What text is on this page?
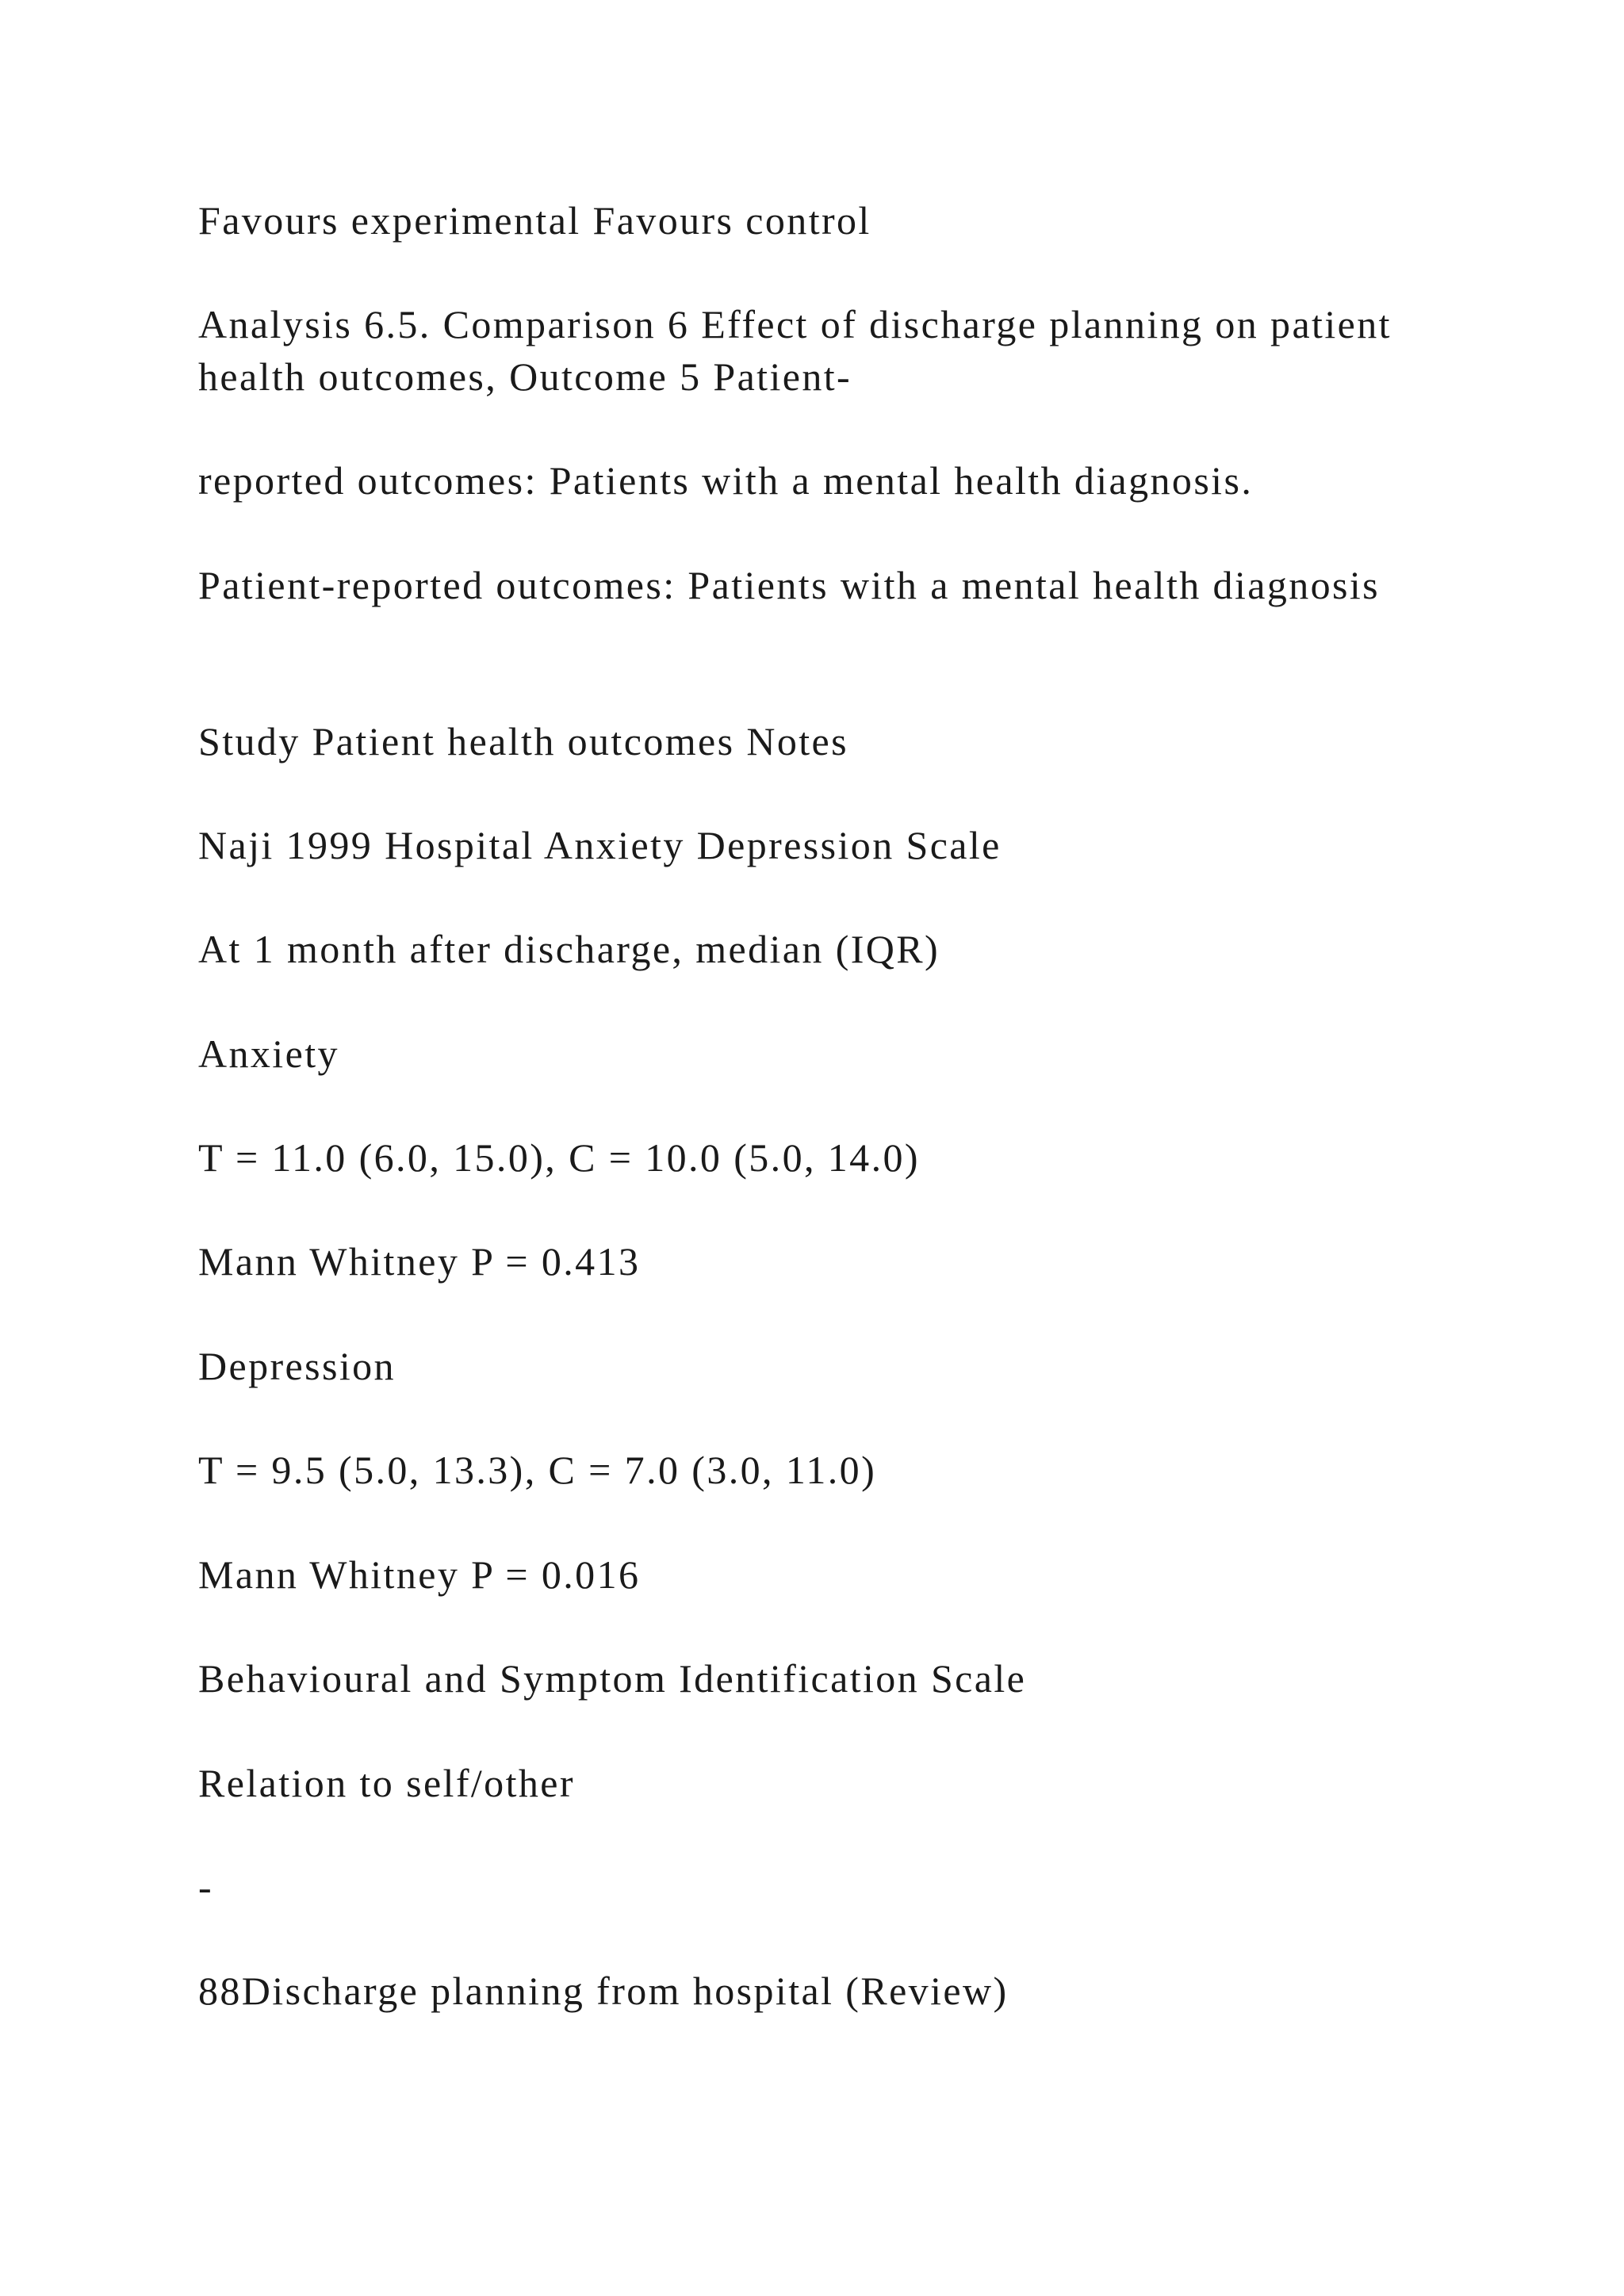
Favours experimental Favours control

Analysis 6.5. Comparison 6 Effect of discharge planning on patient health outcomes, Outcome 5 Patient-

reported outcomes: Patients with a mental health diagnosis.

Patient-reported outcomes: Patients with a mental health diagnosis

Study Patient health outcomes Notes

Naji 1999 Hospital Anxiety Depression Scale

At 1 month after discharge, median (IQR)

Anxiety

T = 11.0 (6.0, 15.0), C = 10.0 (5.0, 14.0)

Mann Whitney P = 0.413

Depression

T = 9.5 (5.0, 13.3), C = 7.0 (3.0, 11.0)

Mann Whitney P = 0.016

Behavioural and Symptom Identification Scale

Relation to self/other

-

88Discharge planning from hospital (Review)
